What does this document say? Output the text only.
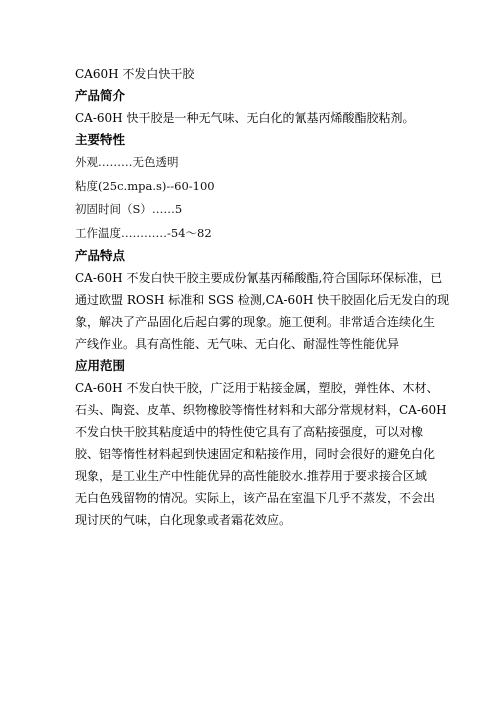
CA60H 不发白快干胶

产品简介

CA-60H 快干胶是一种无气味、无白化的氰基丙烯酸酯胶粘剂。

主要特性

外观………无色透明

粘度(25c.mpa.s)--60-100

初固时间（S）……5

工作温度…………-54～82

产品特点

CA-60H 不发白快干胶主要成份氰基丙稀酸酯,符合国际环保标准，已

通过欧盟 ROSH 标准和 SGS 检测,CA-60H 快干胶固化后无发白的现

象，解决了产品固化后起白雾的现象。施工便利。非常适合连续化生

产线作业。具有高性能、无气味、无白化、耐湿性等性能优异

应用范围

CA-60H 不发白快干胶，广泛用于粘接金属，塑胶，弹性体、木材、

石头、陶瓷、皮革、织物橡胶等惰性材料和大部分常规材料，CA-60H

不发白快干胶其粘度适中的特性使它具有了高粘接强度，可以对橡

胶、铝等惰性材料起到快速固定和粘接作用，同时会很好的避免白化

现象，是工业生产中性能优异的高性能胶水.推荐用于要求接合区域

无白色残留物的情况。实际上，该产品在室温下几乎不蒸发，不会出

现讨厌的气味，白化现象或者霜花效应。
